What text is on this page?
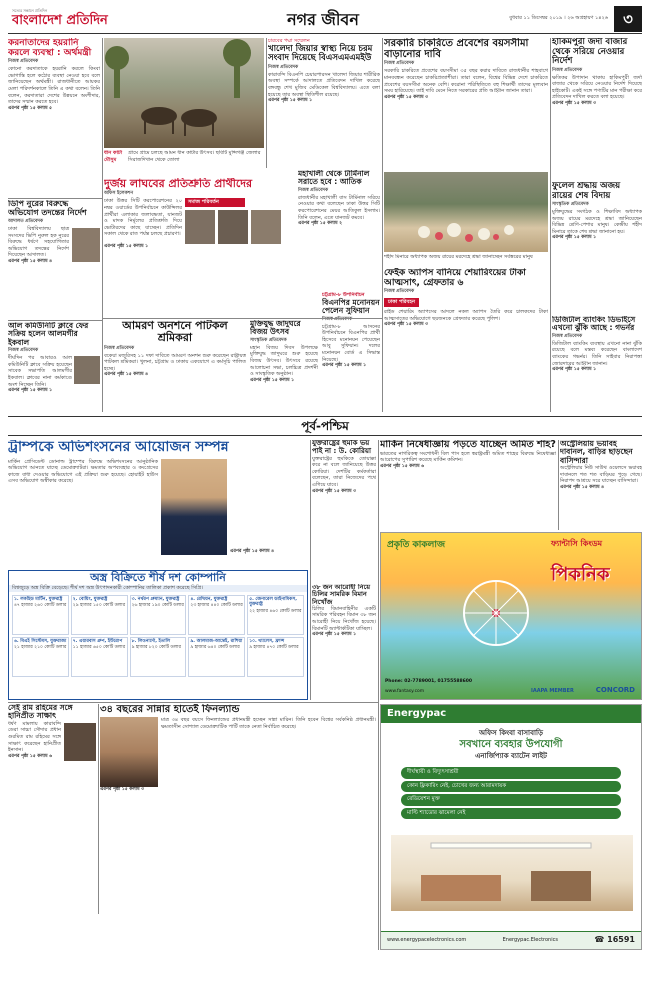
সত্যের সন্ধানে প্রতিদিন
বাংলাদেশ প্রতিদিন	নগর জীবন	বুধবার ১১ ডিসেম্বর ২০১৯ । ২৬ অগ্রহায়ণ ১৪২৬	৩
করনাতাদের হয়রানি করলে ব্যবস্থা : অর্থমন্ত্রী
নিজস্ব প্রতিবেদক
কোনো করদাতাকে হয়রানি করলে কিংবা ভোগান্তি হলে কঠোর ব্যবস্থা নেওয়া হবে বলে জানিয়েছেন অর্থমন্ত্রী। রাজধানীতে আয়কর মেলা পরিদর্শনকালে তিনি এ কথা বলেন। তিনি বলেন, করদাতারা দেশের উন্নয়নে অংশীদার, তাদের সম্মান করতে হবে।
এরপর পৃষ্ঠা ১৫ কলাম ৫
ধান কাটা মৌসুম
গ্রামে গ্রামে চলছে আমন ধান কাটার উৎসব। ছবিটি মুন্সিগঞ্জ জেলার সিরাজদিখান থেকে তোলা
চারবের পদ্মা সম্মেলন
খালেদা জিয়ার স্বাস্থ্য নিয়ে চরম সংবাদ দিয়েছে বিএসএমএমইউ
নিজস্ব প্রতিবেদক
কারাবন্দি বিএনপি চেয়ারপারসন খালেদা জিয়ার শারীরিক অবস্থা সম্পর্কে আদালতে প্রতিবেদন দাখিল করেছে বঙ্গবন্ধু শেখ মুজিব মেডিকেল বিশ্ববিদ্যালয়। এতে বলা হয়েছে তার অবস্থা স্থিতিশীল রয়েছে।
এরপর পৃষ্ঠা ১৫ কলাম ১
সরকারি চাকরিতে প্রবেশের বয়সসীমা বাড়ানোর দাবি
নিজস্ব প্রতিবেদক
সরকারি চাকরিতে প্রবেশের বয়সসীমা ৩৫ বছর করার দাবিতে রাজধানীর শাহবাগে মানববন্ধন করেছেন চাকরিপ্রত্যাশীরা। তারা বলেন, বিশ্বের বিভিন্ন দেশে চাকরিতে প্রবেশের বয়সসীমা অনেক বেশি। করোনা পরিস্থিতিতে বহু শিক্ষার্থী তাদের মূল্যবান সময় হারিয়েছে। তাই দাবি মেনে নিতে সরকারের প্রতি আহ্বান জানান তারা।
এরপর পৃষ্ঠা ১৫ কলাম ৩
হাকিমপুরী জর্দা বাজার থেকে সরিয়ে নেওয়ার নির্দেশ
নিজস্ব প্রতিবেদক
ক্ষতিকর উপাদান থাকায় হাকিমপুরী জর্দা বাজার থেকে সরিয়ে নেওয়ার নির্দেশ দিয়েছে হাইকোর্ট। একই সঙ্গে পণ্যটির মান পরীক্ষা করে প্রতিবেদন দাখিল করতে বলা হয়েছে।
এরপর পৃষ্ঠা ১৫ কলাম ৩
ডিপি নুরের বিরুদ্ধে অভিযোগ তদন্তের নির্দেশ
আদালত প্রতিবেদক
ঢাকা বিশ্ববিদ্যালয় ছাত্র সংসদের ভিপি নুরুল হক নুরের বিরুদ্ধে ধর্ষণে সহযোগিতার অভিযোগ তদন্তের নির্দেশ দিয়েছেন আদালত।
এরপর পৃষ্ঠা ১৫ কলাম ৪
দুর্জয় লাঘবের প্রতিশ্রুতি প্রার্থীদের
অফিস ইলেকশন
ঢাকা উত্তর সিটি করপোরেশনের ২০ নম্বর ওয়ার্ডের উপনির্বাচনে কাউন্সিলর প্রার্থীরা এলাকার জলাবদ্ধতা, যানজট ও মাদক নির্মূলের প্রতিশ্রুতি দিয়ে ভোটারদের কাছে যাচ্ছেন। প্রতিদিন সকাল থেকে রাত পর্যন্ত চলছে প্রচারণা।
সমাজ পরিবর্তন
এরপর পৃষ্ঠা ১৫ কলাম ১
মহাখালী থেকে টার্মিনাল সরাতে হবে : আতিক
নিজস্ব প্রতিবেদক
রাজধানীর মহাখালী বাস টার্মিনাল সরিয়ে নেওয়ার কথা বলেছেন ঢাকা উত্তর সিটি করপোরেশনের মেয়র আতিকুল ইসলাম। তিনি বলেন, এতে যানজট কমবে।
এরপর পৃষ্ঠা ১৫ কলাম ২
শহীদ মিনারে অধ্যাপক অজয় রায়ের মরদেহে শ্রদ্ধা জানাচ্ছেন সর্বস্তরের মানুষ
ফুলেল শ্রদ্ধায় অজয় রায়ের শেষ বিদায়
সাংস্কৃতিক প্রতিবেদক
মুক্তিযুদ্ধের সংগঠক ও শিক্ষাবিদ অধ্যাপক অজয় রায়ের মরদেহে শ্রদ্ধা জানিয়েছেন বিভিন্ন শ্রেণি-পেশার মানুষ। কেন্দ্রীয় শহীদ মিনারে তাকে শেষ শ্রদ্ধা জানানো হয়।
এরপর পৃষ্ঠা ১৫ কলাম ১
আল কমিউনিটি ক্লাবে ফের সক্রিয় হলেন আলমগীর ইকবাল
নিজস্ব প্রতিবেদক
দীর্ঘদিন পর আবারও আল কমিউনিটি ক্লাবে সক্রিয় হয়েছেন সাবেক সভাপতি আলমগীর ইকবাল। ক্লাবের নানা কর্মকাণ্ডে অংশ নিচ্ছেন তিনি।
এরপর পৃষ্ঠা ১৫ কলাম ১
আমরণ অনশনে পাটকল শ্রমিকরা
নিজস্ব প্রতিবেদক
বকেয়া মজুরিসহ ১১ দফা দাবিতে আমরণ অনশন শুরু করেছেন রাষ্ট্রায়ত্ত পাটকল শ্রমিকরা। খুলনা, চট্টগ্রাম ও ঢাকায় একযোগে এ কর্মসূচি পালিত হচ্ছে।
এরপর পৃষ্ঠা ১৫ কলাম ৪
মুক্তিযুদ্ধ জাদুঘরে বিজয় উৎসব
সাংস্কৃতিক প্রতিবেদক
মহান বিজয় দিবস উপলক্ষে মুক্তিযুদ্ধ জাদুঘরে শুরু হয়েছে বিজয় উৎসব। উৎসবে রয়েছে আলোচনা সভা, চলচ্চিত্র প্রদর্শনী ও সাংস্কৃতিক অনুষ্ঠান।
এরপর পৃষ্ঠা ১৫ কলাম ১
চট্টগ্রাম-৮ উপনির্বাচন
বিএনপির মনোনয়ন পেলেন সুফিয়ান
নিজস্ব প্রতিবেদক
চট্টগ্রাম-৮ আসনের উপনির্বাচনে বিএনপির প্রার্থী হিসেবে মনোনয়ন পেয়েছেন আবু সুফিয়ান। দলের মনোনয়ন বোর্ড এ সিদ্ধান্ত নিয়েছে।
এরপর পৃষ্ঠা ১৫ কলাম ১
ফেইক অ্যাপস বানিয়ে শেয়ারিংয়ের টাকা আত্মসাৎ, গ্রেফতার ৬
নিজস্ব প্রতিবেদক
ঢাকা পরিবহন
রাইড শেয়ারিং অ্যাপসের আদলে নকল অ্যাপস তৈরি করে চালকদের টাকা আত্মসাতের অভিযোগে ছয়জনকে গ্রেফতার করেছে পুলিশ।
এরপর পৃষ্ঠা ১৫ কলাম ৩
ডিজিটাল ব্যাংকিং ডিভাইসে এখনো ঝুঁকি আছে : গভর্নর
নিজস্ব প্রতিবেদক
ডিজিটাল ব্যাংকিং ব্যবস্থায় এখনো নানা ঝুঁকি রয়েছে বলে মন্তব্য করেছেন বাংলাদেশ ব্যাংকের গভর্নর। তিনি সাইবার নিরাপত্তা জোরদারের আহ্বান জানান।
এরপর পৃষ্ঠা ১৫ কলাম ১
পূর্ব-পশ্চিম
ট্রাম্পকে অভিশংসনের আয়োজন সম্পন্ন
মার্কিন প্রেসিডেন্ট ডোনাল্ড ট্রাম্পের বিরুদ্ধে অভিশংসনের আনুষ্ঠানিক অভিযোগ আনতে যাচ্ছে ডেমোক্র্যাটরা। ক্ষমতার অপব্যবহার ও কংগ্রেসের কাজে বাধা দেওয়ার অভিযোগে এই প্রক্রিয়া শুরু হয়েছে। হোয়াইট হাউস এসব অভিযোগ অস্বীকার করেছে।
এরপর পৃষ্ঠা ১৫ কলাম ৪
যুক্তরাষ্ট্রের হুমকি ভয় পাই না : উ. কোরিয়া
যুক্তরাষ্ট্রের হুমকিকে তোয়াক্কা করে না বলে জানিয়েছে উত্তর কোরিয়া। দেশটির কর্মকর্তারা বলেছেন, তারা নিজেদের পথে এগিয়ে যাবে।
এরপর পৃষ্ঠা ১৫ কলাম ৩
মার্কিন নিষেধাজ্ঞায় পড়তে যাচ্ছেন অমিত শাহ?
ভারতের নাগরিকত্ব সংশোধনী বিল পাস হলে স্বরাষ্ট্রমন্ত্রী অমিত শাহের বিরুদ্ধে নিষেধাজ্ঞা আরোপের সুপারিশ করেছে মার্কিন কমিশন।
এরপর পৃষ্ঠা ১৫ কলাম ৬
অস্ট্রেলিয়ায় ভয়াবহ দাবানল, বাড়ির ছাড়ছেন বাসিন্দারা
অস্ট্রেলিয়ার নিউ সাউথ ওয়েলসে ভয়াবহ দাবানলে শত শত বাড়িঘর পুড়ে গেছে। নিরাপদ আশ্রয়ে সরে যাচ্ছেন বাসিন্দারা।
এরপর পৃষ্ঠা ১৫ কলাম ৪
প্রকৃতি কাকলাজ	ফ্যান্টাসি কিংডম
পিকনিক
Phone: 02-7789001, 01755588600
www.fantasy.com	IAAPA MEMBER	CONCORD
অস্ত্র বিক্রিতে শীর্ষ দশ কোম্পানি
বিশ্বজুড়ে অস্ত্র বিক্রি বেড়েছে। শীর্ষ দশ অস্ত্র উৎপাদনকারী কোম্পানির তালিকা প্রকাশ করেছে সিপ্রি।
১. লকহিড মার্টিন, যুক্তরাষ্ট্র
৪৭ হাজার ২৬০ কোটি ডলার
২. বোয়িং, যুক্তরাষ্ট্র
২৯ হাজার ১৫০ কোটি ডলার
৩. নর্থরপ গ্রুম্যান, যুক্তরাষ্ট্র
২৬ হাজার ১৯০ কোটি ডলার
৪. রেথিয়ন, যুক্তরাষ্ট্র
২৩ হাজার ৪৪০ কোটি ডলার
৫. জেনারেল ডাইনামিকস, যুক্তরাষ্ট্র
২২ হাজার ৪৬০ কোটি ডলার
৬. বিএই সিস্টেমস, যুক্তরাজ্য
২১ হাজার ২১০ কোটি ডলার
৭. এয়ারবাস গ্রুপ, ইউরোপ
১১ হাজার ৬৫০ কোটি ডলার
৮. লিওনার্দো, ইতালি
৯ হাজার ৮২০ কোটি ডলার
৯. আলমাজ-আন্তেই, রাশিয়া
৯ হাজার ৬৪০ কোটি ডলার
১০. থ্যালেস, ফ্রান্স
৯ হাজার ৪৭০ কোটি ডলার
৩৮ জন আরোহী নিয়ে চিলির সামরিক বিমান নিখোঁজ
চিলির বিমানবাহিনীর একটি সামরিক পরিবহন বিমান ৩৮ জন আরোহী নিয়ে নিখোঁজ হয়েছে। বিমানটি অ্যান্টার্কটিকা যাচ্ছিল।
এরপর পৃষ্ঠা ১৫ কলাম ১
সেই রাম রহিমের সঙ্গে হানিপ্রীত সাক্ষাৎ
ধর্ষণ মামলায় কারাবন্দি ডেরা সাচ্চা সৌদার প্রধান গুরমিত রাম রহিমের সঙ্গে সাক্ষাৎ করেছেন হানিপ্রীত ইনসান।
এরপর পৃষ্ঠা ১৫ কলাম ৬
৩৪ বছরের সান্নার হাতেই ফিনল্যান্ড
মাত্র ৩৪ বছর বয়সে ফিনল্যান্ডের প্রধানমন্ত্রী হচ্ছেন সান্না মারিন। তিনি হবেন বিশ্বের সর্বকনিষ্ঠ প্রধানমন্ত্রী। ক্ষমতাসীন সোশ্যাল ডেমোক্র্যাটিক পার্টি তাকে নেতা নির্বাচিত করেছে।
এরপর পৃষ্ঠা ১৫ কলাম ৩
Energypac
অফিস কিংবা বাসাবাড়ি
সবখানে ব্যবহার উপযোগী
এনার্জিপ্যাক ব্যাটেন লাইট
দীর্ঘস্থায়ী ও বিদ্যুৎসাশ্রয়ী
কোন ফ্লিকারিং নেই, চোখের জন্য আরামদায়ক
রেডিয়েশন মুক্ত
মাল্টি শ্যাডোর ঝামেলা নেই
www.energypacelectronics.com	Energypac.Electronics	☎ 16591
